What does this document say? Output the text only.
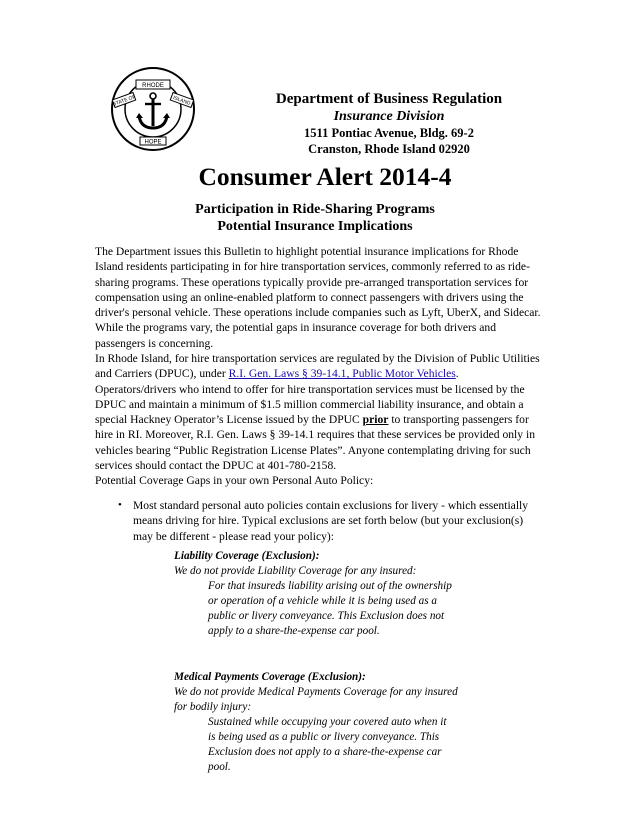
RHODE
STATE OF	ISLAND
HOPE
Department of Business Regulation
Insurance Division
1511 Pontiac Avenue, Bldg. 69-2
Cranston, Rhode Island 02920
Consumer Alert 2014-4
Participation in Ride-Sharing Programs
Potential Insurance Implications
The Department issues this Bulletin to highlight potential insurance implications for Rhode
Island residents participating in for hire transportation services, commonly referred to as ride-
sharing programs. These operations typically provide pre-arranged transportation services for
compensation using an online-enabled platform to connect passengers with drivers using the
driver's personal vehicle. These operations include companies such as Lyft, UberX, and Sidecar.
While the programs vary, the potential gaps in insurance coverage for both drivers and
passengers is concerning.
In Rhode Island, for hire transportation services are regulated by the Division of Public Utilities
and Carriers (DPUC), under R.I. Gen. Laws § 39-14.1, Public Motor Vehicles.
Operators/drivers who intend to offer for hire transportation services must be licensed by the
DPUC and maintain a minimum of $1.5 million commercial liability insurance, and obtain a
special Hackney Operator’s License issued by the DPUC prior to transporting passengers for
hire in RI. Moreover, R.I. Gen. Laws § 39-14.1 requires that these services be provided only in
vehicles bearing “Public Registration License Plates”. Anyone contemplating driving for such
services should contact the DPUC at 401-780-2158.
Potential Coverage Gaps in your own Personal Auto Policy:
• Most standard personal auto policies contain exclusions for livery - which essentially
means driving for hire. Typical exclusions are set forth below (but your exclusion(s)
may be different - please read your policy):
Liability Coverage (Exclusion):
We do not provide Liability Coverage for any insured:
For that insureds liability arising out of the ownership
or operation of a vehicle while it is being used as a
public or livery conveyance. This Exclusion does not
apply to a share-the-expense car pool.
Medical Payments Coverage (Exclusion):
We do not provide Medical Payments Coverage for any insured
for bodily injury:
Sustained while occupying your covered auto when it
is being used as a public or livery conveyance. This
Exclusion does not apply to a share-the-expense car
pool.
